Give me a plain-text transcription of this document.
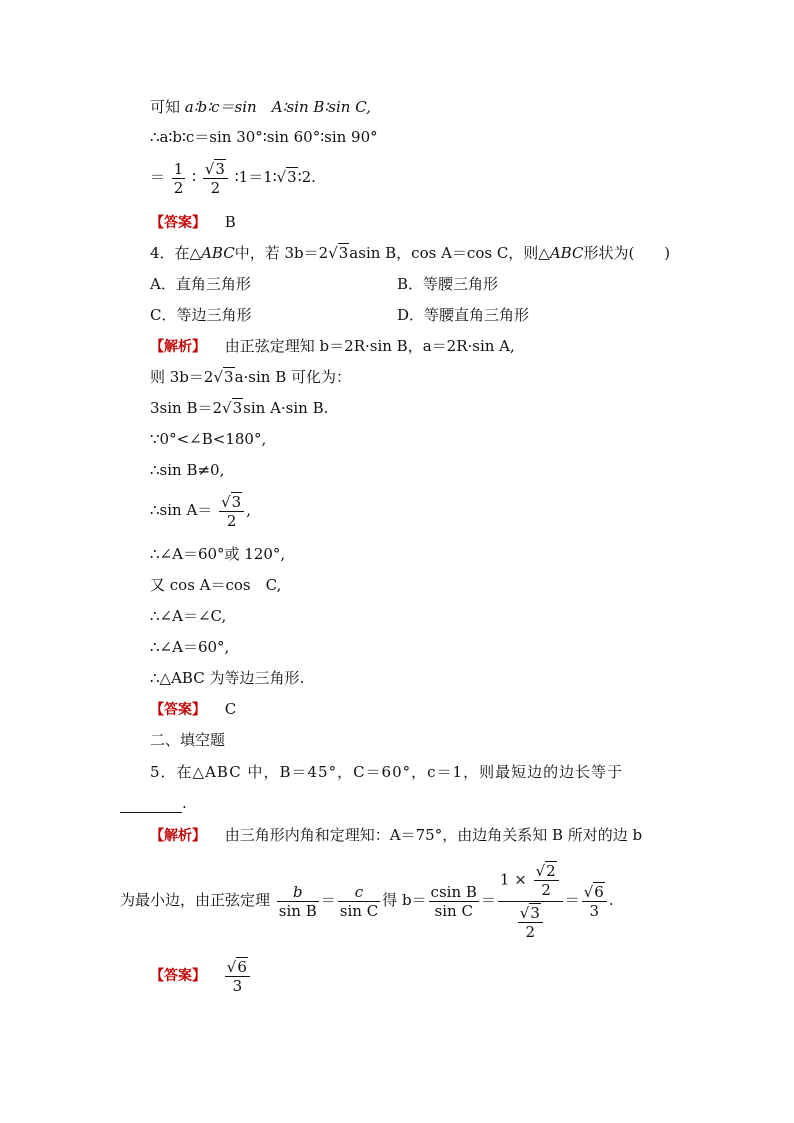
可知 a∶b∶c＝sin　A∶sin B∶sin C,
∴a∶b∶c＝sin 30°∶sin 60°∶sin 90°
＝ $\frac{1}{2}$ ∶ $\frac{√3}{2}$ ∶1＝1∶√3∶2.
【答案】 B
4．在△ABC中，若 3b＝2√3asin B，cos A＝cos C，则△ABC形状为(　　)
A．直角三角形	B．等腰三角形
C．等边三角形	D．等腰直角三角形
【解析】 由正弦定理知 b＝2R·sin B，a＝2R·sin A,
则 3b＝2√3a·sin B 可化为：
3sin B＝2√3sin A·sin B.
∵0°<∠B<180°,
∴sin B≠0,
∴sin $A= \frac{√3}{2}$ ,
∴∠A＝60°或 120°,
又 cos A＝cos　C,
∴∠A＝∠C,
∴∠A＝60°,
∴△ABC 为等边三角形.
【答案】 C
二、填空题
5．在△ABC 中，B＝45°，C＝60°，c＝1，则最短边的边长等于
.
【解析】 由三角形内角和定理知：A＝75°，由边角关系知 B 所对的边 b
为最小边，由正弦定理 $\frac{b}{\text{sin B}} = \frac{c}{\text{sin C}}$ 得 $b= \frac{\text{csin B}}{\text{sin C}} = \frac{1 \times \frac{√2}{2}}{\frac{√3}{2}} = \frac{√6}{3}$ .
【答案】 $\frac{√6}{3}$
